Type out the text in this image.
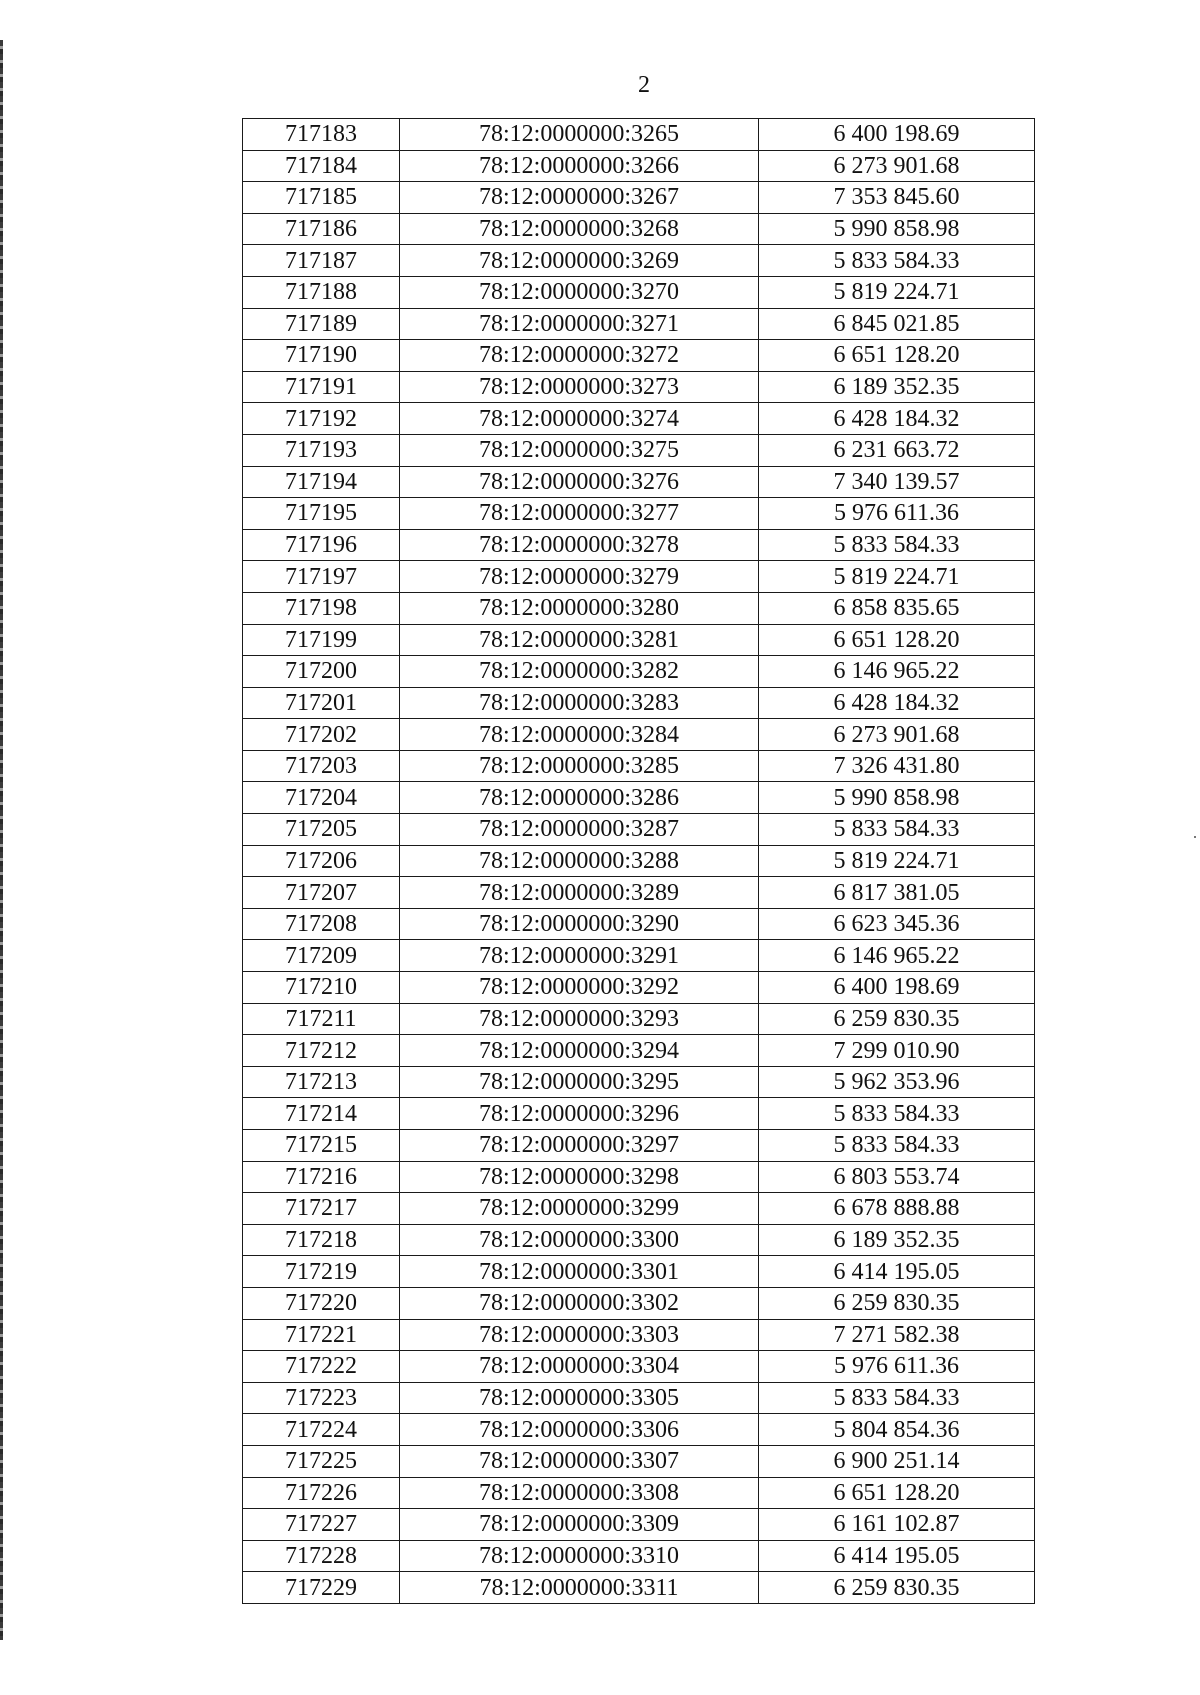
2
717183	78:12:0000000:3265	6 400 198.69
717184	78:12:0000000:3266	6 273 901.68
717185	78:12:0000000:3267	7 353 845.60
717186	78:12:0000000:3268	5 990 858.98
717187	78:12:0000000:3269	5 833 584.33
717188	78:12:0000000:3270	5 819 224.71
717189	78:12:0000000:3271	6 845 021.85
717190	78:12:0000000:3272	6 651 128.20
717191	78:12:0000000:3273	6 189 352.35
717192	78:12:0000000:3274	6 428 184.32
717193	78:12:0000000:3275	6 231 663.72
717194	78:12:0000000:3276	7 340 139.57
717195	78:12:0000000:3277	5 976 611.36
717196	78:12:0000000:3278	5 833 584.33
717197	78:12:0000000:3279	5 819 224.71
717198	78:12:0000000:3280	6 858 835.65
717199	78:12:0000000:3281	6 651 128.20
717200	78:12:0000000:3282	6 146 965.22
717201	78:12:0000000:3283	6 428 184.32
717202	78:12:0000000:3284	6 273 901.68
717203	78:12:0000000:3285	7 326 431.80
717204	78:12:0000000:3286	5 990 858.98
717205	78:12:0000000:3287	5 833 584.33
717206	78:12:0000000:3288	5 819 224.71
717207	78:12:0000000:3289	6 817 381.05
717208	78:12:0000000:3290	6 623 345.36
717209	78:12:0000000:3291	6 146 965.22
717210	78:12:0000000:3292	6 400 198.69
717211	78:12:0000000:3293	6 259 830.35
717212	78:12:0000000:3294	7 299 010.90
717213	78:12:0000000:3295	5 962 353.96
717214	78:12:0000000:3296	5 833 584.33
717215	78:12:0000000:3297	5 833 584.33
717216	78:12:0000000:3298	6 803 553.74
717217	78:12:0000000:3299	6 678 888.88
717218	78:12:0000000:3300	6 189 352.35
717219	78:12:0000000:3301	6 414 195.05
717220	78:12:0000000:3302	6 259 830.35
717221	78:12:0000000:3303	7 271 582.38
717222	78:12:0000000:3304	5 976 611.36
717223	78:12:0000000:3305	5 833 584.33
717224	78:12:0000000:3306	5 804 854.36
717225	78:12:0000000:3307	6 900 251.14
717226	78:12:0000000:3308	6 651 128.20
717227	78:12:0000000:3309	6 161 102.87
717228	78:12:0000000:3310	6 414 195.05
717229	78:12:0000000:3311	6 259 830.35
